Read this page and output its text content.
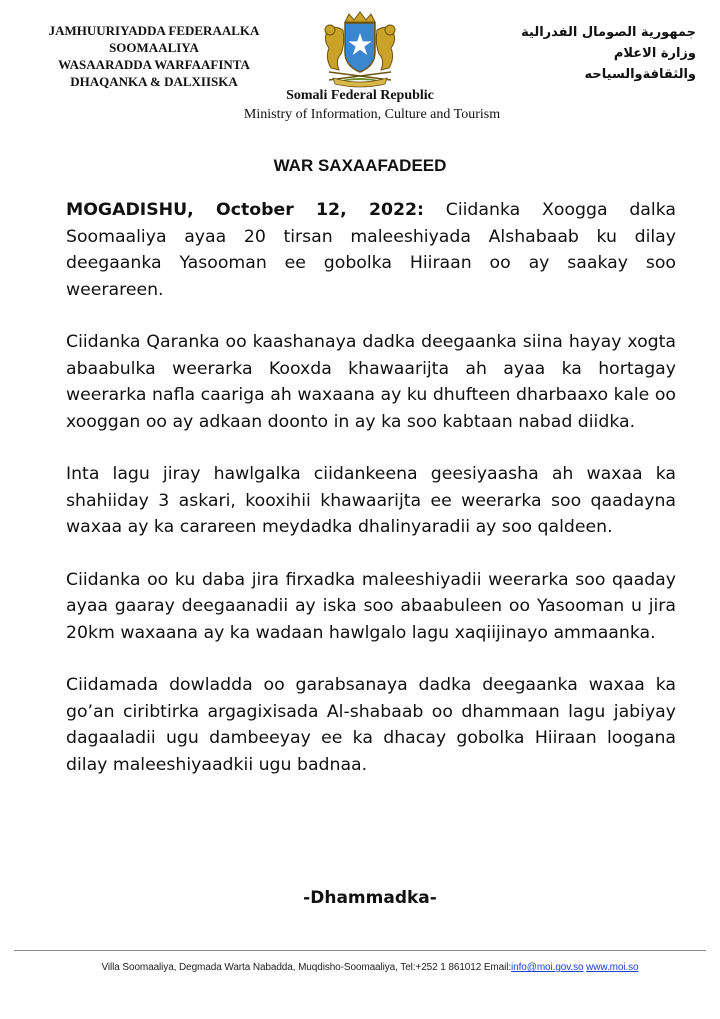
JAMHUURIYADDA FEDERAALKA
SOOMAALIYA
WASAARADDA WARFAAFINTA
DHAQANKA & DALXIISKA
جمهورية الصومال الفدرالية
وزارة الاعلام
والثقافةوالسياحه
Somali Federal Republic
Ministry of Information, Culture and Tourism
WAR SAXAAFADEED

MOGADISHU, October 12, 2022: Ciidanka Xoogga dalka Soomaaliya ayaa 20 tirsan maleeshiyada Alshabaab ku dilay deegaanka Yasooman ee gobolka Hiiraan oo ay saakay soo weerareen.

Ciidanka Qaranka oo kaashanaya dadka deegaanka siina hayay xogta abaabulka weerarka Kooxda khawaarijta ah ayaa ka hortagay weerarka nafla caariga ah waxaana ay ku dhufteen dharbaaxo kale oo xooggan oo ay adkaan doonto in ay ka soo kabtaan nabad diidka.

Inta lagu jiray hawlgalka ciidankeena geesiyaasha ah waxaa ka shahiiday 3 askari, kooxihii khawaarijta ee weerarka soo qaadayna waxaa ay ka carareen meydadka dhalinyaradii ay soo qaldeen.

Ciidanka oo ku daba jira firxadka maleeshiyadii weerarka soo qaaday ayaa gaaray deegaanadii ay iska soo abaabuleen oo Yasooman u jira 20km waxaana ay ka wadaan hawlgalo lagu xaqiijinayo ammaanka.

Ciidamada dowladda oo garabsanaya dadka deegaanka waxaa ka go’an ciribtirka argagixisada Al-shabaab oo dhammaan lagu jabiyay dagaaladii ugu dambeeyay ee ka dhacay gobolka Hiiraan loogana dilay maleeshiyaadkii ugu badnaa.

-Dhammadka-
Villa Soomaaliya, Degmada Warta Nabadda, Muqdisho-Soomaaliya, Tel:+252 1 861012 Email:info@moi.gov.so www.moi.so
